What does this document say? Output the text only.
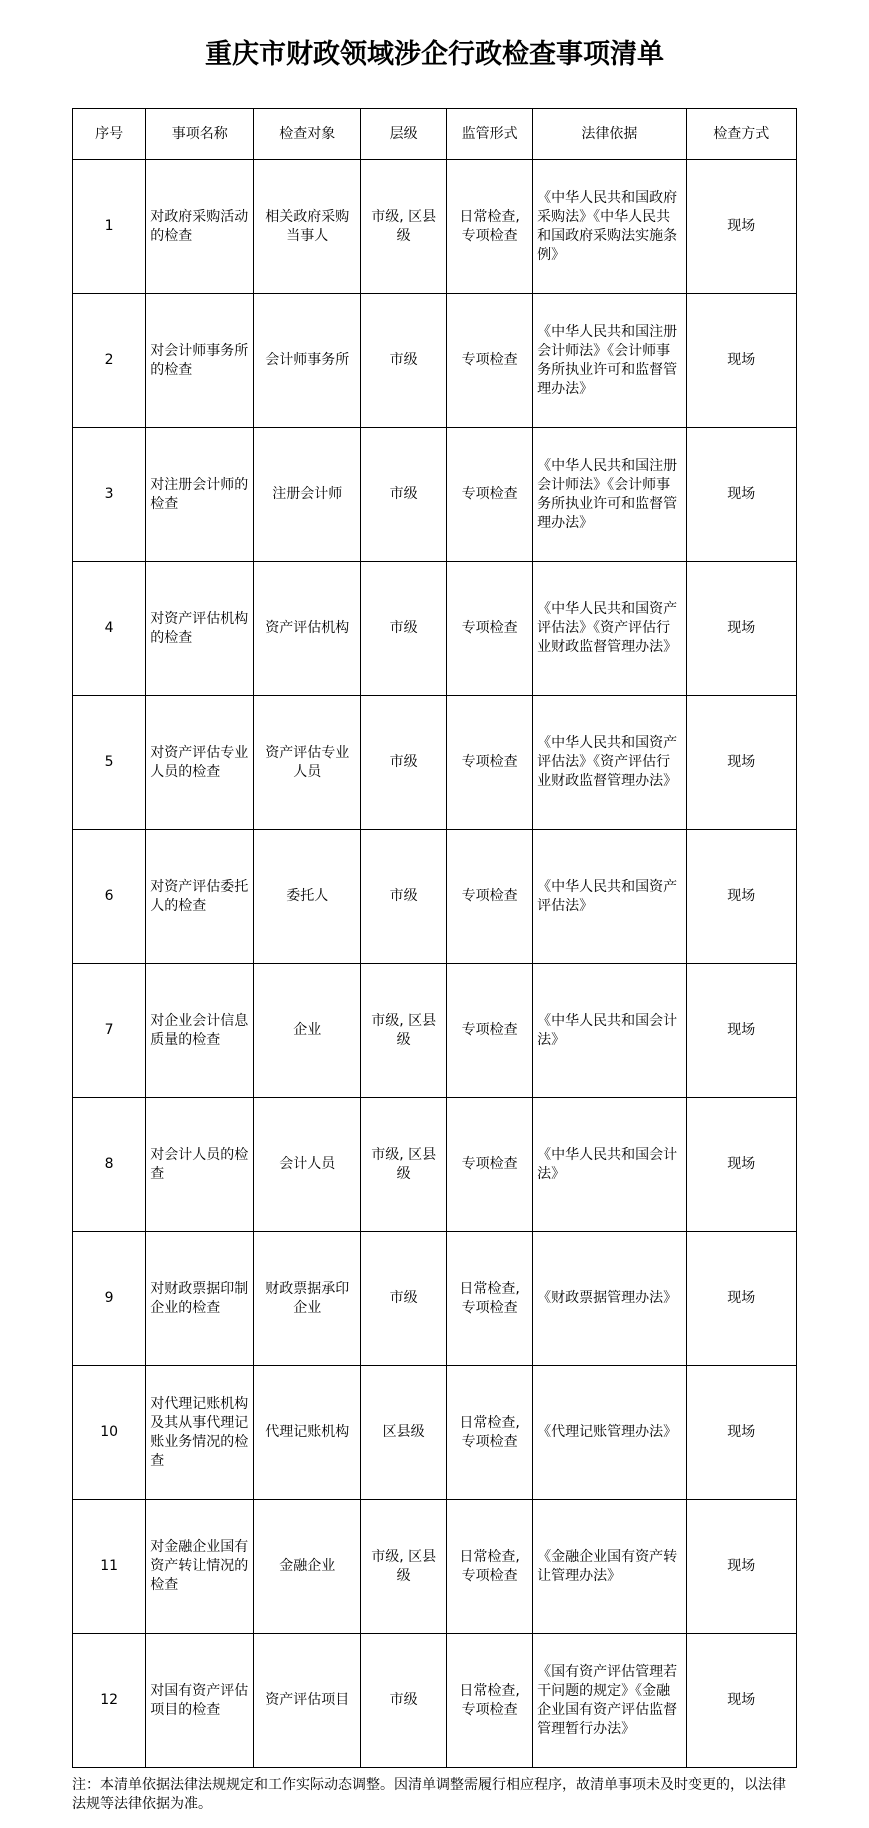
重庆市财政领域涉企行政检查事项清单
序号	事项名称	检查对象	层级	监管形式	法律依据	检查方式
1	对政府采购活动的检查	相关政府采购当事人	市级, 区县级	日常检查, 专项检查	《中华人民共和国政府采购法》《中华人民共和国政府采购法实施条例》	现场
2	对会计师事务所的检查	会计师事务所	市级	专项检查	《中华人民共和国注册会计师法》《会计师事务所执业许可和监督管理办法》	现场
3	对注册会计师的检查	注册会计师	市级	专项检查	《中华人民共和国注册会计师法》《会计师事务所执业许可和监督管理办法》	现场
4	对资产评估机构的检查	资产评估机构	市级	专项检查	《中华人民共和国资产评估法》《资产评估行业财政监督管理办法》	现场
5	对资产评估专业人员的检查	资产评估专业人员	市级	专项检查	《中华人民共和国资产评估法》《资产评估行业财政监督管理办法》	现场
6	对资产评估委托人的检查	委托人	市级	专项检查	《中华人民共和国资产评估法》	现场
7	对企业会计信息质量的检查	企业	市级, 区县级	专项检查	《中华人民共和国会计法》	现场
8	对会计人员的检查	会计人员	市级, 区县级	专项检查	《中华人民共和国会计法》	现场
9	对财政票据印制企业的检查	财政票据承印企业	市级	日常检查, 专项检查	《财政票据管理办法》	现场
10	对代理记账机构及其从事代理记账业务情况的检查	代理记账机构	区县级	日常检查, 专项检查	《代理记账管理办法》	现场
11	对金融企业国有资产转让情况的检查	金融企业	市级, 区县级	日常检查, 专项检查	《金融企业国有资产转让管理办法》	现场
12	对国有资产评估项目的检查	资产评估项目	市级	日常检查, 专项检查	《国有资产评估管理若干问题的规定》《金融企业国有资产评估监督管理暂行办法》	现场
注：本清单依据法律法规规定和工作实际动态调整。因清单调整需履行相应程序，故清单事项未及时变更的，以法律法规等法律依据为准。
